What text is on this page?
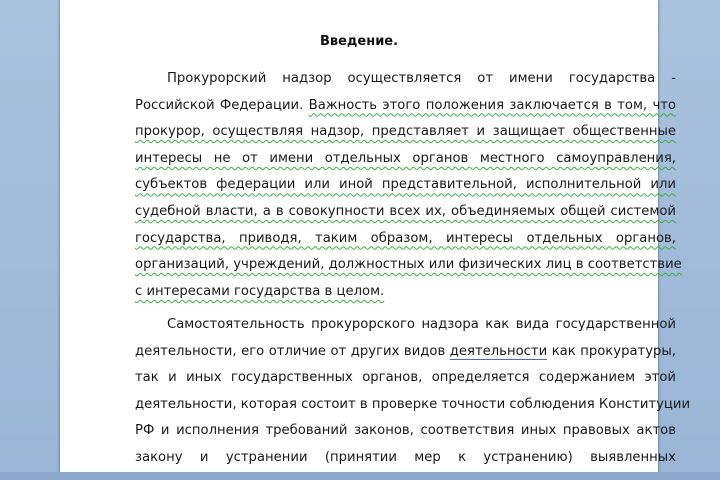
Введение.
Прокурорский надзор осуществляется от имени государства -
Российской Федерации. Важность этого положения заключается в том, что
прокурор, осуществляя надзор, представляет и защищает общественные
интересы не от имени отдельных органов местного самоуправления,
субъектов федерации или иной представительной, исполнительной или
судебной власти, а в совокупности всех их, объединяемых общей системой
государства, приводя, таким образом, интересы отдельных органов,
организаций, учреждений, должностных или физических лиц в соответствие
с интересами государства в целом.
Самостоятельность прокурорского надзора как вида государственной
деятельности, его отличие от других видов деятельности как прокуратуры,
так и иных государственных органов, определяется содержанием этой
деятельности, которая состоит в проверке точности соблюдения Конституции
РФ и исполнения требований законов, соответствия иных правовых актов
закону и устранении (принятии мер к устранению) выявленных
